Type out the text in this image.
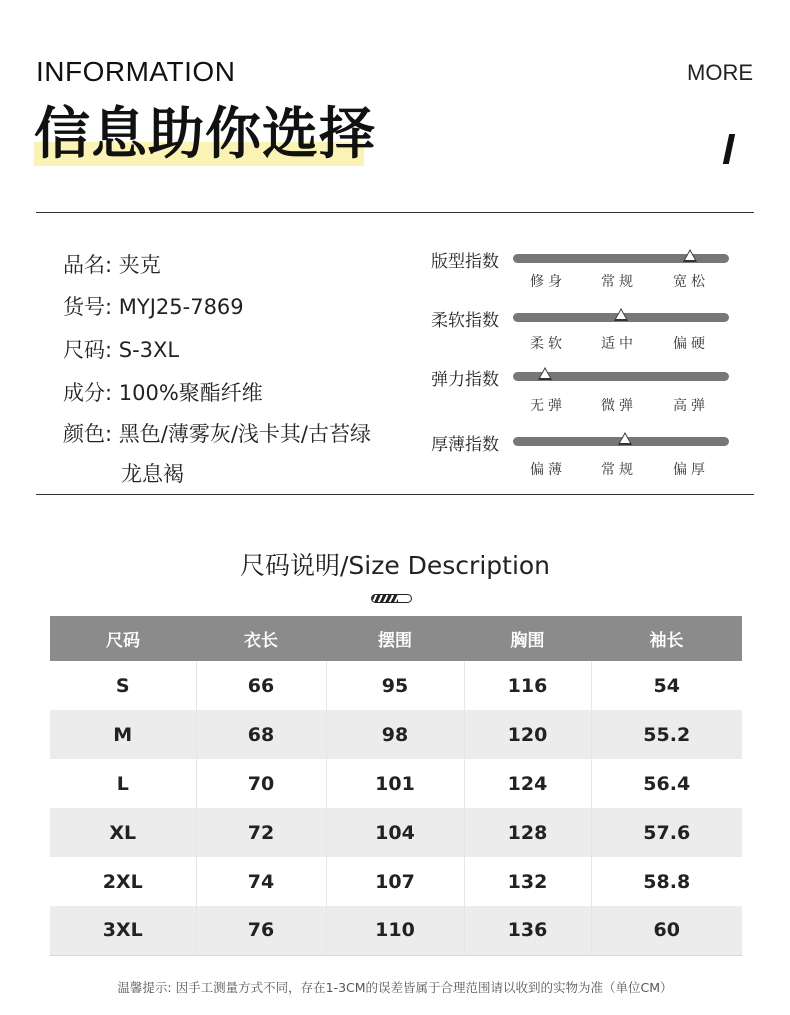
INFORMATION	MORE
信息助你选择
品名: 夹克
货号: MYJ25-7869
尺码: S-3XL
成分: 100%聚酯纤维
颜色: 黑色/薄雾灰/浅卡其/古苔绿
龙息褐
版型指数
修身	常规	宽松
柔软指数
柔软	适中	偏硬
弹力指数
无弹	微弹	高弹
厚薄指数
偏薄	常规	偏厚
尺码说明/Size Description
尺码	衣长	摆围	胸围	袖长
S	66	95	116	54
M	68	98	120	55.2
L	70	101	124	56.4
XL	72	104	128	57.6
2XL	74	107	132	58.8
3XL	76	110	136	60
温馨提示: 因手工测量方式不同，存在1-3CM的误差皆属于合理范围请以收到的实物为准（单位CM）
